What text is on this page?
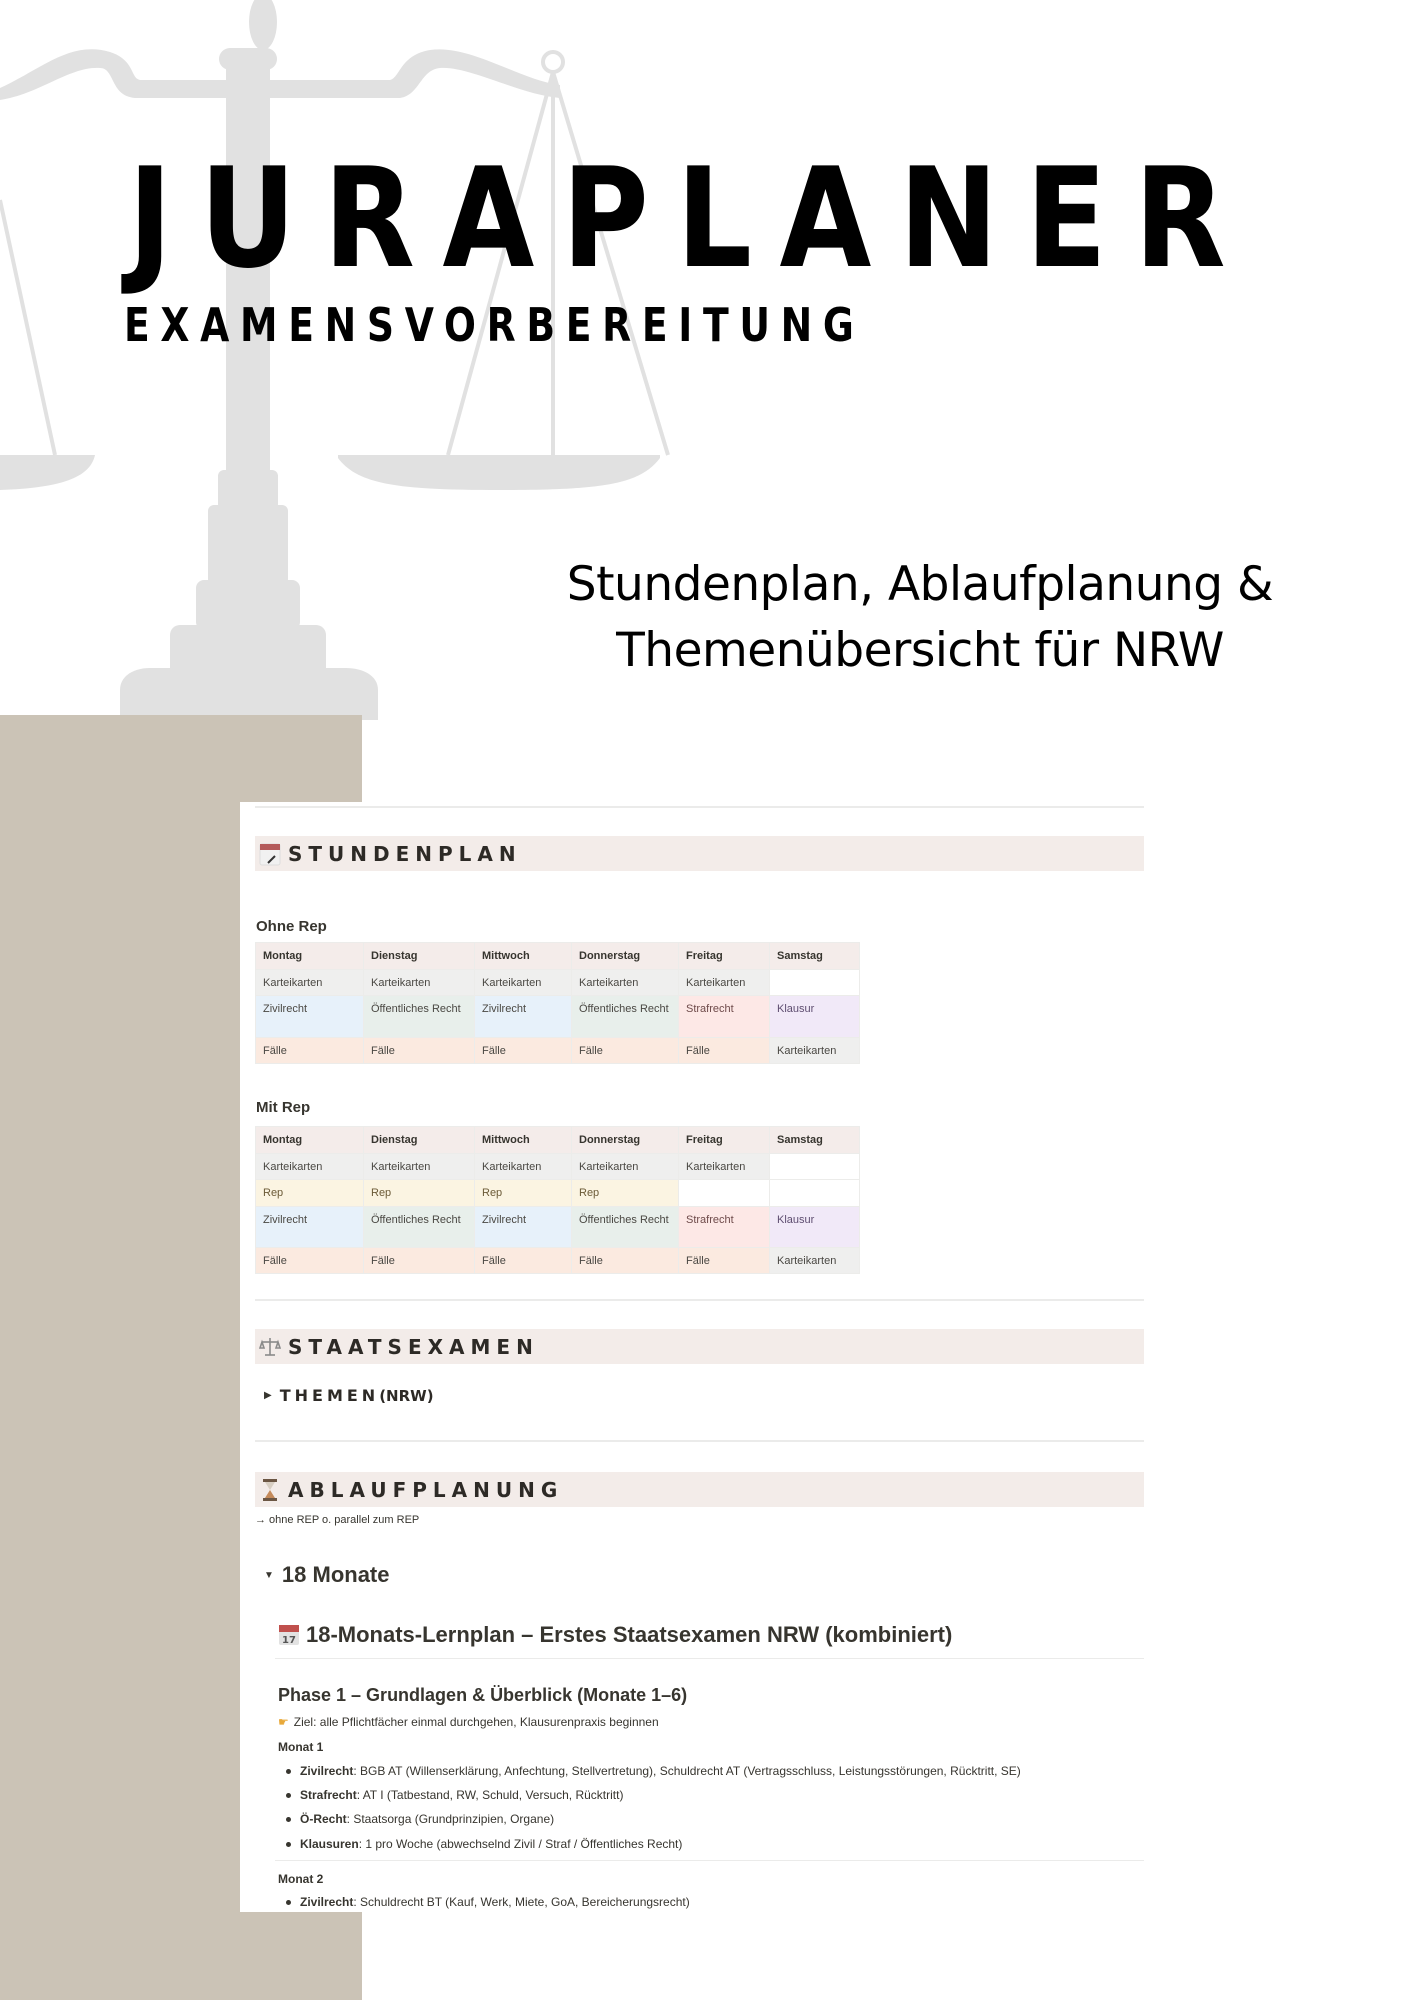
JURAPLANER
EXAMENSVORBEREITUNG
Stundenplan, Ablaufplanung &
Themenübersicht für NRW
STUNDENPLAN
Ohne Rep
Montag	Dienstag	Mittwoch	Donnerstag	Freitag	Samstag
Karteikarten	Karteikarten	Karteikarten	Karteikarten	Karteikarten	
Zivilrecht	Öffentliches Recht	Zivilrecht	Öffentliches Recht	Strafrecht	Klausur
Fälle	Fälle	Fälle	Fälle	Fälle	Karteikarten
Mit Rep
Montag	Dienstag	Mittwoch	Donnerstag	Freitag	Samstag
Karteikarten	Karteikarten	Karteikarten	Karteikarten	Karteikarten	
Rep	Rep	Rep	Rep		
Zivilrecht	Öffentliches Recht	Zivilrecht	Öffentliches Recht	Strafrecht	Klausur
Fälle	Fälle	Fälle	Fälle	Fälle	Karteikarten
STAATSEXAMEN
▶ THEMEN (NRW)
ABLAUFPLANUNG
→ ohne REP o. parallel zum REP
▼ 18 Monate
17 18-Monats-Lernplan – Erstes Staatsexamen NRW (kombiniert)
Phase 1 – Grundlagen & Überblick (Monate 1–6)
☛ Ziel: alle Pflichtfächer einmal durchgehen, Klausurenpraxis beginnen
Monat 1
Zivilrecht : BGB AT (Willenserklärung, Anfechtung, Stellvertretung), Schuldrecht AT (Vertragsschluss, Leistungsstörungen, Rücktritt, SE)
Strafrecht : AT I (Tatbestand, RW, Schuld, Versuch, Rücktritt)
Ö-Recht : Staatsorga (Grundprinzipien, Organe)
Klausuren : 1 pro Woche (abwechselnd Zivil / Straf / Öffentliches Recht)
Monat 2
Zivilrecht : Schuldrecht BT (Kauf, Werk, Miete, GoA, Bereicherungsrecht)
